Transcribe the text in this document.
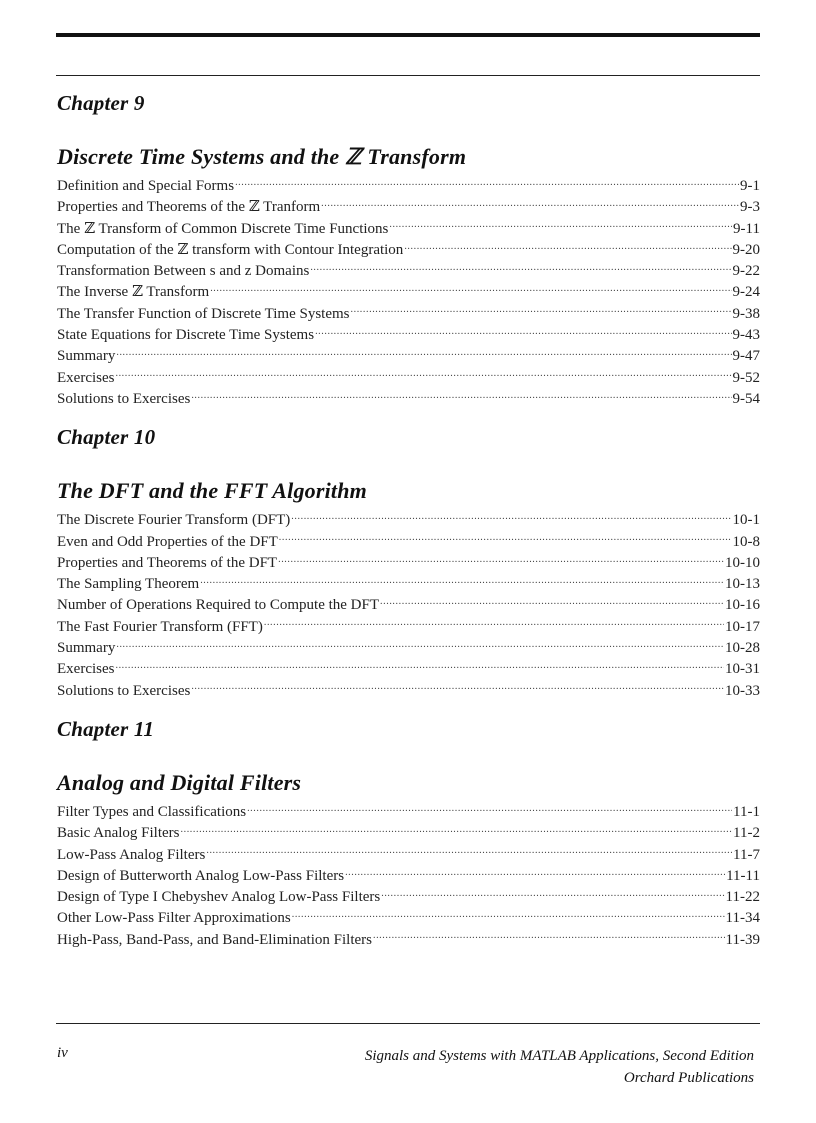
Chapter 9
Discrete Time Systems and the ℤ Transform
Definition and Special Forms .....	9-1
Properties and Theorems of the ℤ Tranform .....	9-3
The ℤ Transform of Common Discrete Time Functions .....	9-11
Computation of the ℤ transform with Contour Integration .....	9-20
Transformation Between s and z Domains .....	9-22
The Inverse ℤ Transform .....	9-24
The Transfer Function of Discrete Time Systems .....	9-38
State Equations for Discrete Time Systems .....	9-43
Summary .....	9-47
Exercises .....	9-52
Solutions to Exercises .....	9-54
Chapter 10
The DFT and the FFT Algorithm
The Discrete Fourier Transform (DFT) .....	10-1
Even and Odd Properties of the DFT .....	10-8
Properties and Theorems of the DFT .....	10-10
The Sampling Theorem .....	10-13
Number of Operations Required to Compute the DFT .....	10-16
The Fast Fourier Transform (FFT) .....	10-17
Summary .....	10-28
Exercises .....	10-31
Solutions to Exercises .....	10-33
Chapter 11
Analog and Digital Filters
Filter Types and Classifications .....	11-1
Basic Analog Filters .....	11-2
Low-Pass Analog Filters .....	11-7
Design of Butterworth Analog Low-Pass Filters .....	11-11
Design of Type I Chebyshev Analog Low-Pass Filters .....	11-22
Other Low-Pass Filter Approximations .....	11-34
High-Pass, Band-Pass, and Band-Elimination Filters .....	11-39
iv	Signals and Systems with MATLAB Applications, Second Edition
Orchard Publications
